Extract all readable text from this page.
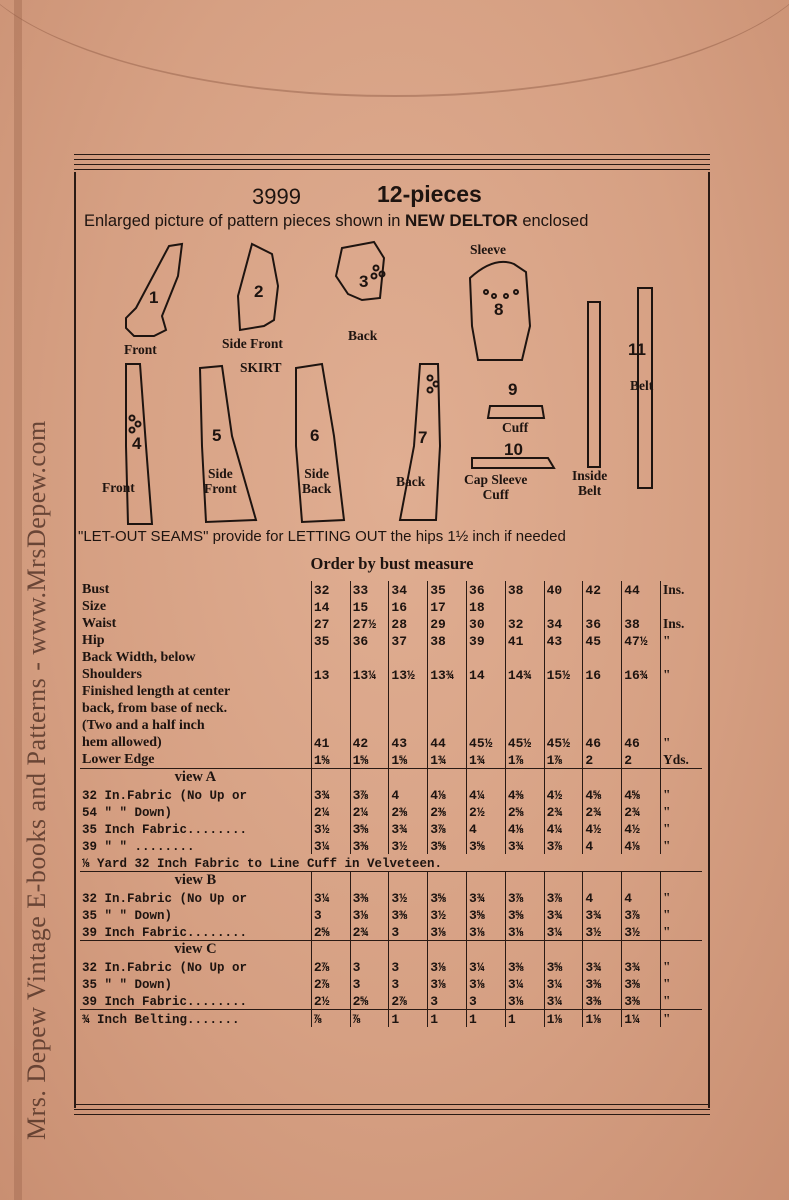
Mrs. Depew Vintage E-books and Patterns - www.MrsDepew.com
3999	12-pieces
Enlarged picture of pattern pieces shown in NEW DELTOR enclosed
1
Front
2
Side Front
3
Back
Sleeve
8
SKIRT
11
Belt
4
Front
5
Side
Front
6
Side
Back
7
Back
9
Cuff
10
Cap Sleeve
Cuff
Inside
Belt
"LET-OUT SEAMS" provide for LETTING OUT the hips 1½ inch if needed
Order by bust measure
Bust	32	33	34	35	36	38	40	42	44	Ins.
Size	14	15	16	17	18					
Waist	27	27½	28	29	30	32	34	36	38	Ins.
Hip	35	36	37	38	39	41	43	45	47½	"
Back Width, below										
Shoulders	13	13¼	13½	13¾	14	14¾	15½	16	16¾	"
Finished length at center										
back, from base of neck.										
(Two and a half inch										
hem allowed)	41	42	43	44	45½	45½	45½	46	46	"
Lower Edge	1⅝	1⅝	1⅝	1¾	1¾	1⅞	1⅞	2	2	Yds.
view A										
32 In.Fabric (No Up or	3¾	3⅞	4	4⅛	4¼	4⅜	4½	4⅝	4⅝	"
54 " " Down)	2¼	2¼	2⅜	2⅜	2½	2⅝	2¾	2¾	2¾	"
35 Inch Fabric........	3½	3⅝	3¾	3⅞	4	4⅛	4¼	4½	4½	"
39 " " ........	3¼	3⅜	3½	3⅝	3⅝	3¾	3⅞	4	4⅛	"
⅛ Yard 32 Inch Fabric to Line Cuff in Velveteen.										
view B										
32 In.Fabric (No Up or	3¼	3⅜	3½	3⅝	3¾	3⅞	3⅞	4	4	"
35 " " Down)	3	3⅛	3⅜	3½	3⅝	3⅝	3¾	3¾	3⅞	"
39 Inch Fabric........	2⅝	2¾	3	3⅛	3⅛	3⅛	3¼	3½	3½	"
view C										
32 In.Fabric (No Up or	2⅞	3	3	3⅛	3¼	3⅜	3⅝	3¾	3¾	"
35 " " Down)	2⅞	3	3	3⅛	3⅛	3¼	3¼	3⅜	3⅜	"
39 Inch Fabric........	2½	2⅝	2⅞	3	3	3⅛	3¼	3⅜	3⅜	"
¾ Inch Belting.......	⅞	⅞	1	1	1	1	1⅛	1⅛	1¼	"
